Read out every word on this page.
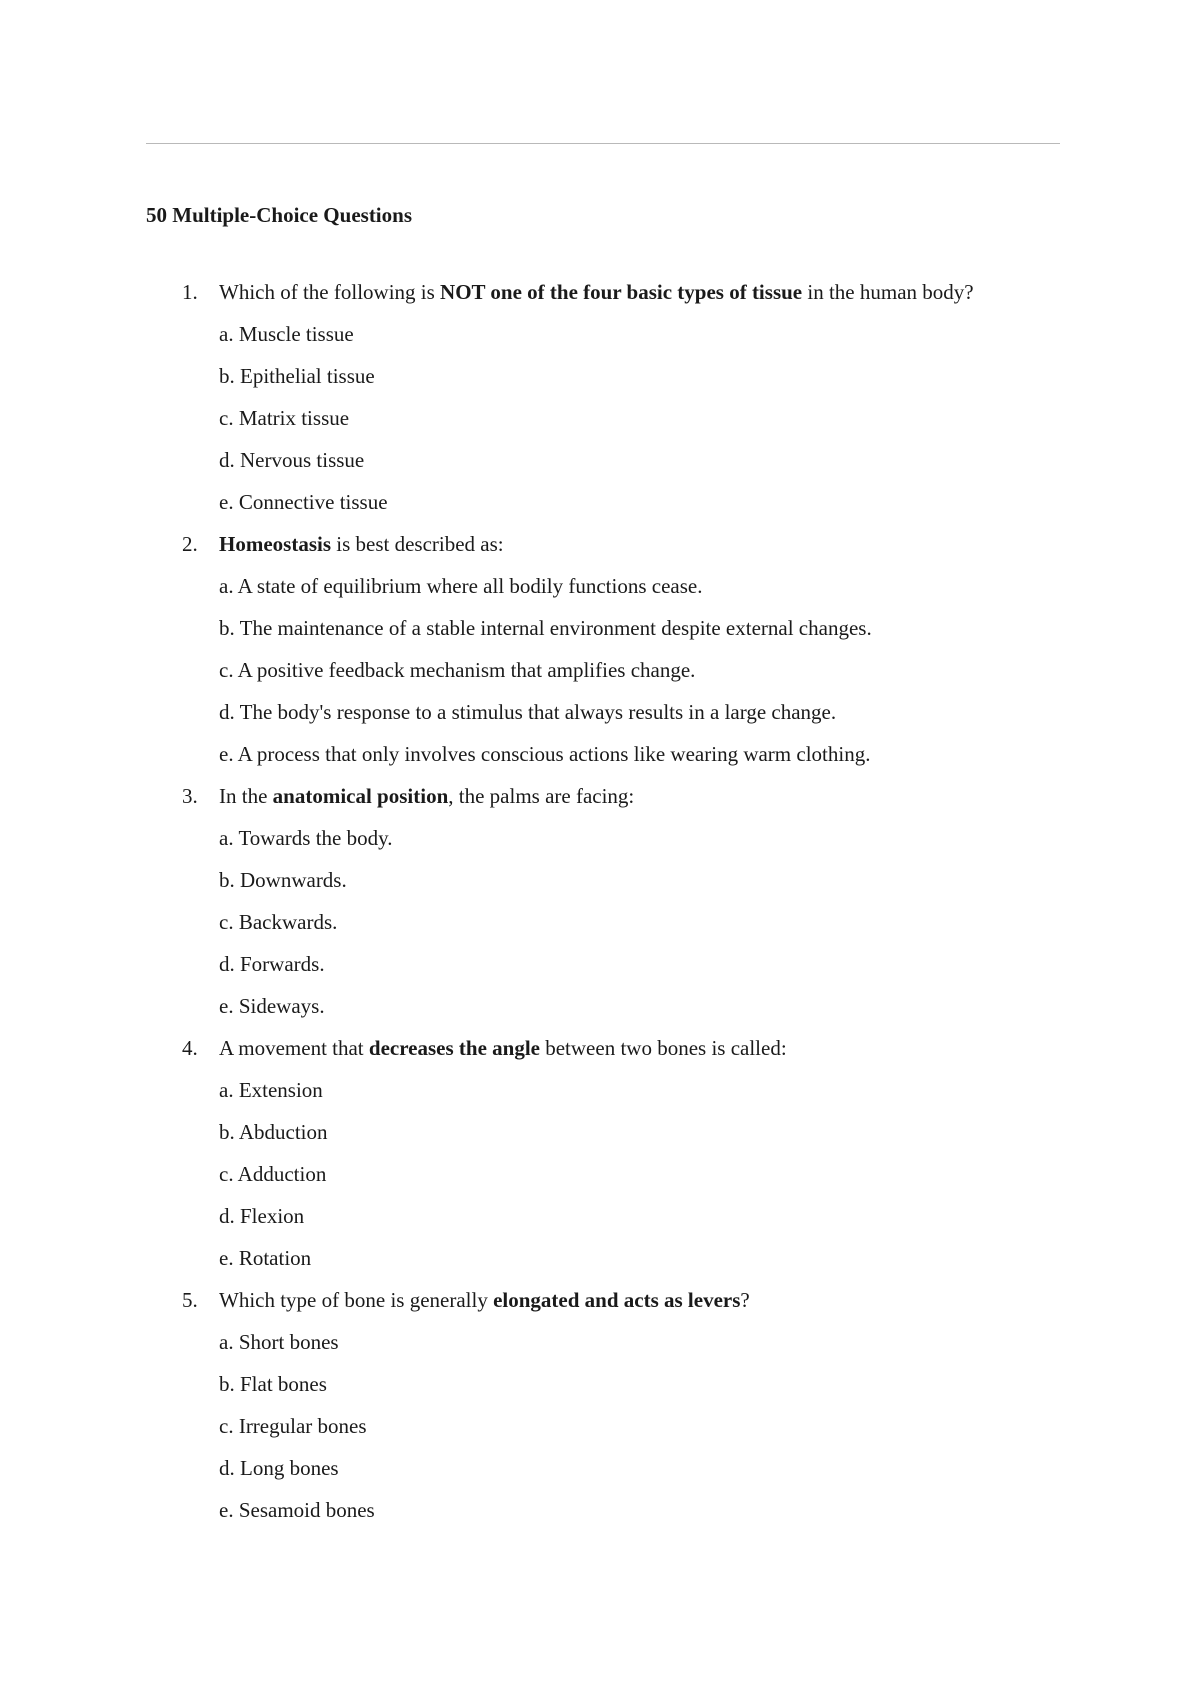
50 Multiple-Choice Questions
1. Which of the following is NOT one of the four basic types of tissue in the human body?
a. Muscle tissue
b. Epithelial tissue
c. Matrix tissue
d. Nervous tissue
e. Connective tissue
2. Homeostasis is best described as:
a. A state of equilibrium where all bodily functions cease.
b. The maintenance of a stable internal environment despite external changes.
c. A positive feedback mechanism that amplifies change.
d. The body's response to a stimulus that always results in a large change.
e. A process that only involves conscious actions like wearing warm clothing.
3. In the anatomical position, the palms are facing:
a. Towards the body.
b. Downwards.
c. Backwards.
d. Forwards.
e. Sideways.
4. A movement that decreases the angle between two bones is called:
a. Extension
b. Abduction
c. Adduction
d. Flexion
e. Rotation
5. Which type of bone is generally elongated and acts as levers?
a. Short bones
b. Flat bones
c. Irregular bones
d. Long bones
e. Sesamoid bones
